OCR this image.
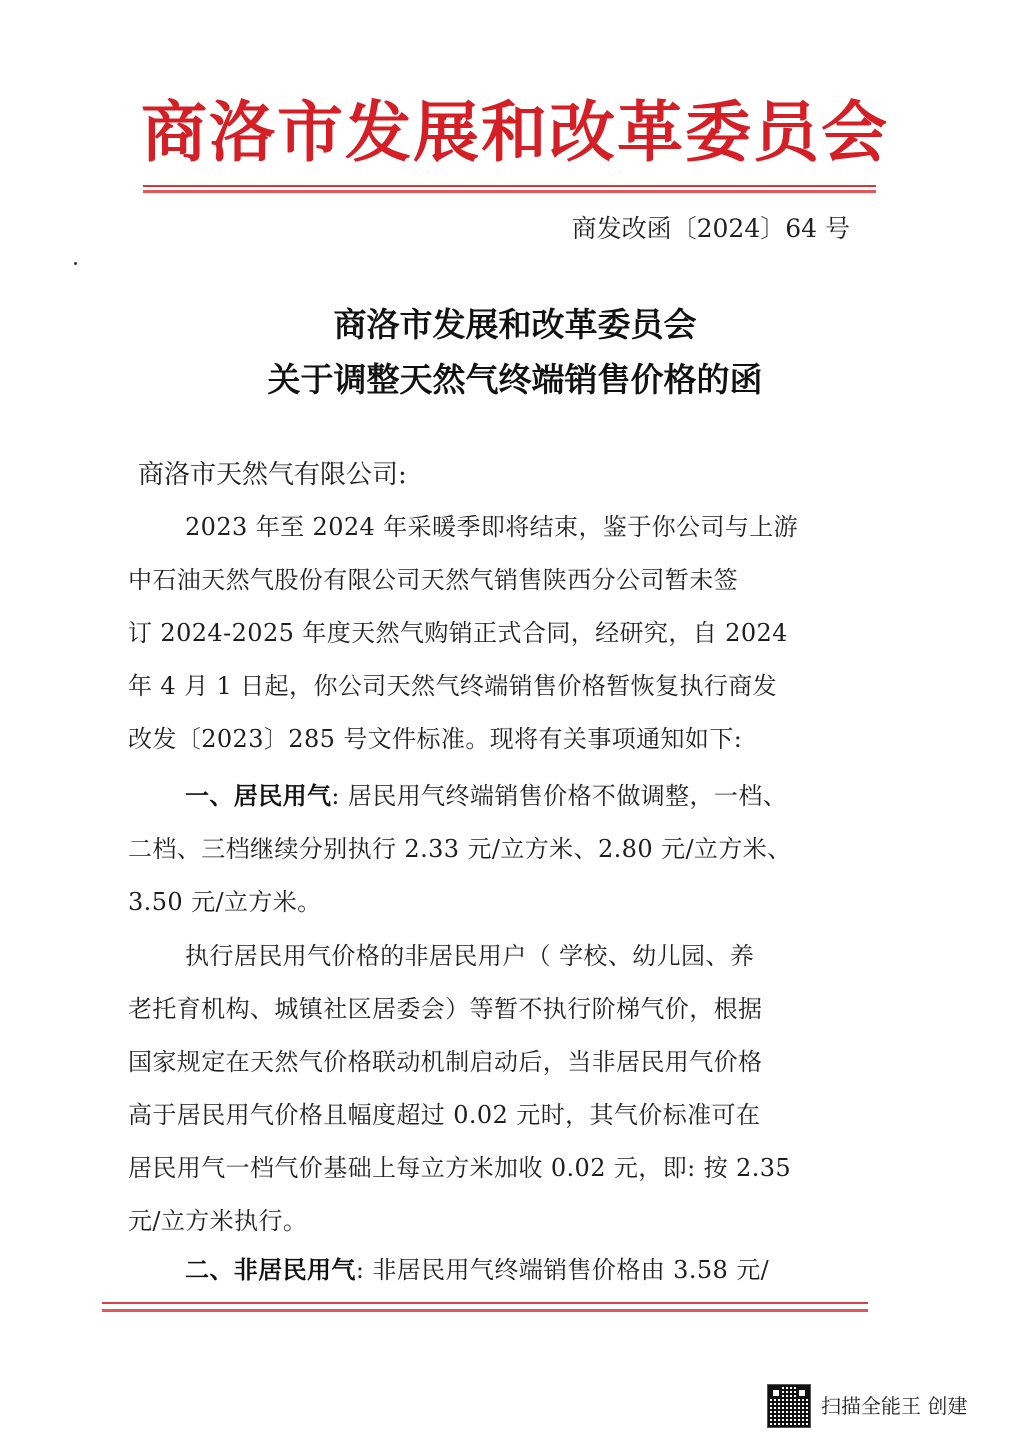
商洛市发展和改革委员会
商发改函〔2024〕64 号
商洛市发展和改革委员会
关于调整天然气终端销售价格的函
商洛市天然气有限公司:
2023 年至 2024 年采暖季即将结束，鉴于你公司与上游
中石油天然气股份有限公司天然气销售陕西分公司暂未签
订 2024-2025 年度天然气购销正式合同，经研究，自 2024
年 4 月 1 日起，你公司天然气终端销售价格暂恢复执行商发
改发〔2023〕285 号文件标准。现将有关事项通知如下:
一、居民用气: 居民用气终端销售价格不做调整，一档、
二档、三档继续分别执行 2.33 元/立方米、2.80 元/立方米、
3.50 元/立方米。
执行居民用气价格的非居民用户（ 学校、幼儿园、养
老托育机构、城镇社区居委会）等暂不执行阶梯气价，根据
国家规定在天然气价格联动机制启动后，当非居民用气价格
高于居民用气价格且幅度超过 0.02 元时，其气价标准可在
居民用气一档气价基础上每立方米加收 0.02 元，即: 按 2.35
元/立方米执行。
二、非居民用气: 非居民用气终端销售价格由 3.58 元/
扫描全能王 创建
